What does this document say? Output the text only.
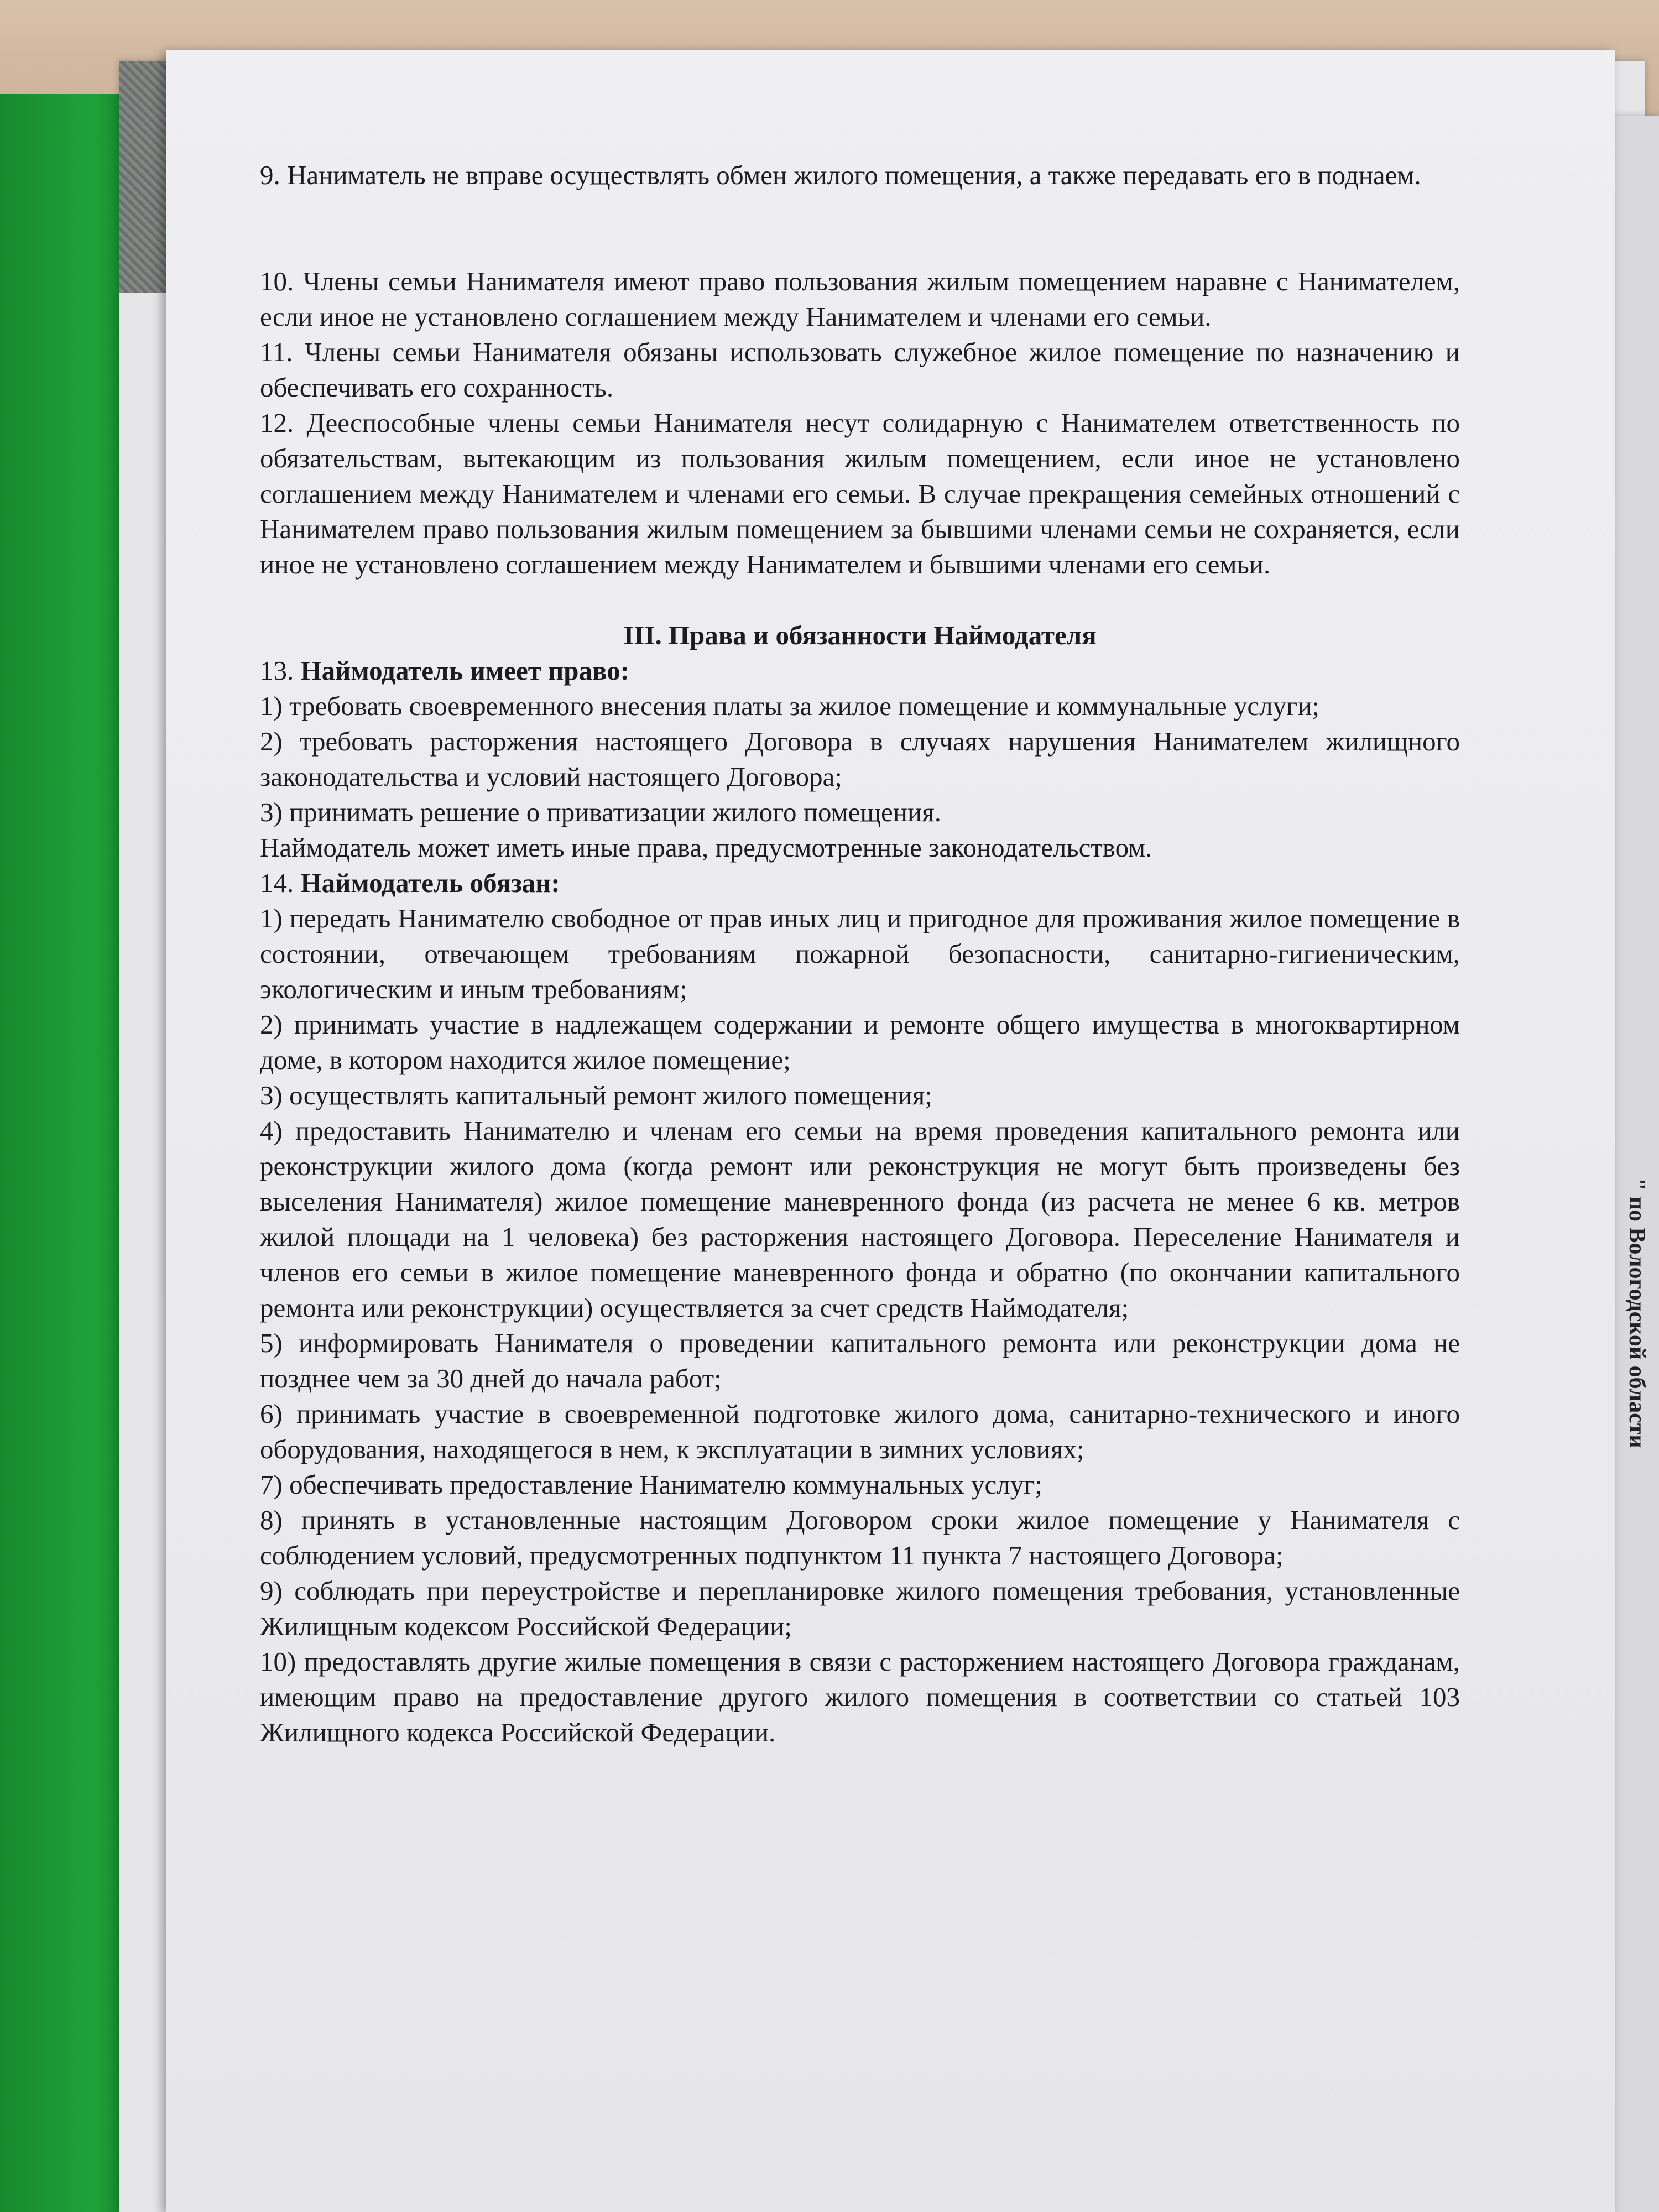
" по Вологодской области

9. Наниматель не вправе осуществлять обмен жилого помещения, а также передавать его в поднаем.

10. Члены семьи Нанимателя имеют право пользования жилым помещением наравне с Нанимателем, если иное не установлено соглашением между Нанимателем и членами его семьи.

11. Члены семьи Нанимателя обязаны использовать служебное жилое помещение по назначению и обеспечивать его сохранность.

12. Дееспособные члены семьи Нанимателя несут солидарную с Нанимателем ответственность по обязательствам, вытекающим из пользования жилым помещением, если иное не установлено соглашением между Нанимателем и членами его семьи. В случае прекращения семейных отношений с Нанимателем право пользования жилым помещением за бывшими членами семьи не сохраняется, если иное не установлено соглашением между Нанимателем и бывшими членами его семьи.

III. Права и обязанности Наймодателя

13. Наймодатель имеет право:

1) требовать своевременного внесения платы за жилое помещение и коммунальные услуги;

2) требовать расторжения настоящего Договора в случаях нарушения Нанимателем жилищного законодательства и условий настоящего Договора;

3) принимать решение о приватизации жилого помещения.

Наймодатель может иметь иные права, предусмотренные законодательством.

14. Наймодатель обязан:

1) передать Нанимателю свободное от прав иных лиц и пригодное для проживания жилое помещение в состоянии, отвечающем требованиям пожарной безопасности, санитарно-гигиеническим, экологическим и иным требованиям;

2) принимать участие в надлежащем содержании и ремонте общего имущества в многоквартирном доме, в котором находится жилое помещение;

3) осуществлять капитальный ремонт жилого помещения;

4) предоставить Нанимателю и членам его семьи на время проведения капитального ремонта или реконструкции жилого дома (когда ремонт или реконструкция не могут быть произведены без выселения Нанимателя) жилое помещение маневренного фонда (из расчета не менее 6 кв. метров жилой площади на 1 человека) без расторжения настоящего Договора. Переселение Нанимателя и членов его семьи в жилое помещение маневренного фонда и обратно (по окончании капитального ремонта или реконструкции) осуществляется за счет средств Наймодателя;

5) информировать Нанимателя о проведении капитального ремонта или реконструкции дома не позднее чем за 30 дней до начала работ;

6) принимать участие в своевременной подготовке жилого дома, санитарно-технического и иного оборудования, находящегося в нем, к эксплуатации в зимних условиях;

7) обеспечивать предоставление Нанимателю коммунальных услуг;

8) принять в установленные настоящим Договором сроки жилое помещение у Нанимателя с соблюдением условий, предусмотренных подпунктом 11 пункта 7 настоящего Договора;

9) соблюдать при переустройстве и перепланировке жилого помещения требования, установленные Жилищным кодексом Российской Федерации;

10) предоставлять другие жилые помещения в связи с расторжением настоящего Договора гражданам, имеющим право на предоставление другого жилого помещения в соответствии со статьей 103 Жилищного кодекса Российской Федерации.
